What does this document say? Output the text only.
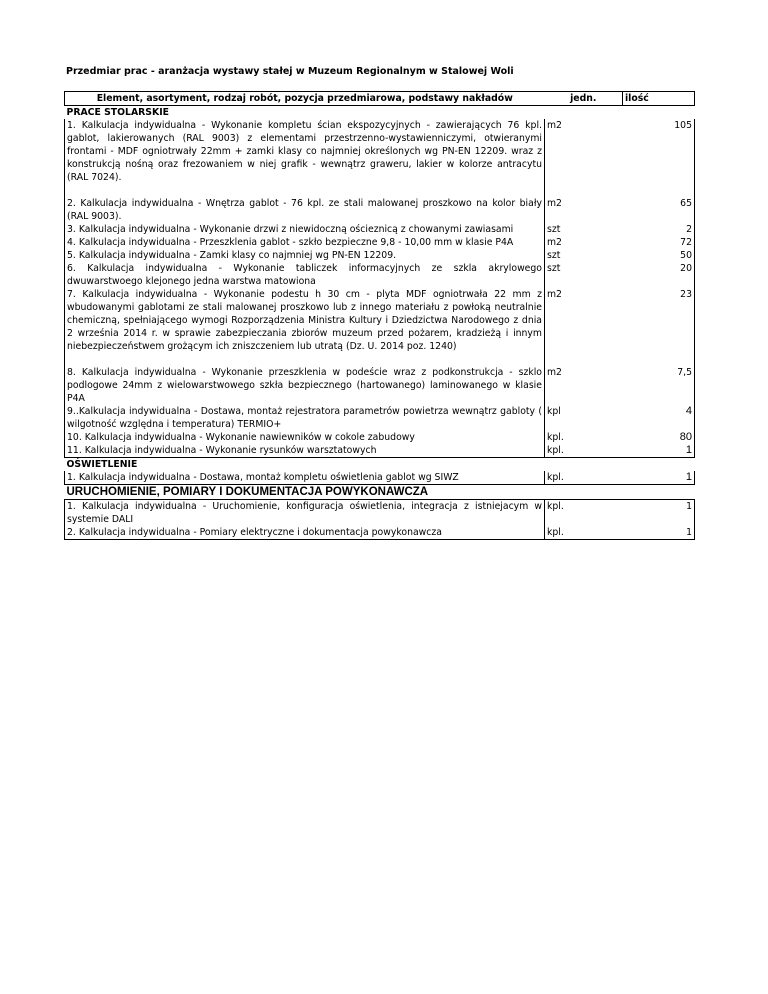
Przedmiar prac - aranżacja wystawy stałej w Muzeum Regionalnym w Stalowej Woli
Element, asortyment, rodzaj robót, pozycja przedmiarowa, podstawy nakładów	jedn.	ilość
PRACE STOLARSKIE		
1. Kalkulacja indywidualna - Wykonanie kompletu ścian ekspozycyjnych - zawierających 76 kpl. gablot, lakierowanych (RAL 9003) z elementami przestrzenno-wystawienniczymi, otwieranymi frontami - MDF ogniotrwały 22mm + zamki klasy co najmniej określonych wg PN-EN 12209. wraz z konstrukcją nośną oraz frezowaniem w niej grafik - wewnątrz graweru, lakier w kolorze antracytu (RAL 7024).	m2	105

2. Kalkulacja indywidualna - Wnętrza gablot - 76 kpl. ze stali malowanej proszkowo na kolor biały (RAL 9003).	m2	65
3. Kalkulacja indywidualna - Wykonanie drzwi z niewidoczną ościeznicą z chowanymi zawiasami	szt	2
4. Kalkulacja indywidualna - Przeszklenia gablot - szkło bezpieczne 9,8 - 10,00 mm w klasie P4A	m2	72
5. Kalkulacja indywidualna - Zamki klasy co najmniej wg PN-EN 12209.	szt	50
6. Kalkulacja indywidualna - Wykonanie tabliczek informacyjnych ze szkla akrylowego dwuwarstwoego klejonego jedna warstwa matowiona	szt	20
7. Kalkulacja indywidualna - Wykonanie podestu h 30 cm - plyta MDF ogniotrwała 22 mm z wbudowanymi gablotami ze stali malowanej proszkowo lub z innego materiału z powłoką neutralnie chemiczną, spełniającego wymogi Rozporządzenia Ministra Kultury i Dziedzictwa Narodowego z dnia 2 września 2014 r. w sprawie zabezpieczania zbiorów muzeum przed pożarem, kradzieżą i innym niebezpieczeństwem grożącym ich zniszczeniem lub utratą (Dz. U. 2014 poz. 1240)	m2	23

8. Kalkulacja indywidualna - Wykonanie przeszklenia w podeście wraz z podkonstrukcja - szklo podlogowe 24mm z wielowarstwowego szkła bezpiecznego (hartowanego) laminowanego w klasie P4A	m2	7,5
9..Kalkulacja indywidualna - Dostawa, montaż rejestratora parametrów powietrza wewnątrz gabloty ( wilgotność względna i temperatura) TERMIO+	kpl	4
10. Kalkulacja indywidualna - Wykonanie nawiewników w cokole zabudowy	kpl.	80
11. Kalkulacja indywidualna - Wykonanie rysunków warsztatowych	kpl.	1
OŚWIETLENIE		
1. Kalkulacja indywidualna - Dostawa, montaż kompletu oświetlenia gablot wg SIWZ	kpl.	1
URUCHOMIENIE, POMIARY I DOKUMENTACJA POWYKONAWCZA		
1. Kalkulacja indywidualna - Uruchomienie, konfiguracja oświetlenia, integracja z istniejacym w systemie DALI	kpl.	1
2. Kalkulacja indywidualna - Pomiary elektryczne i dokumentacja powykonawcza	kpl.	1
